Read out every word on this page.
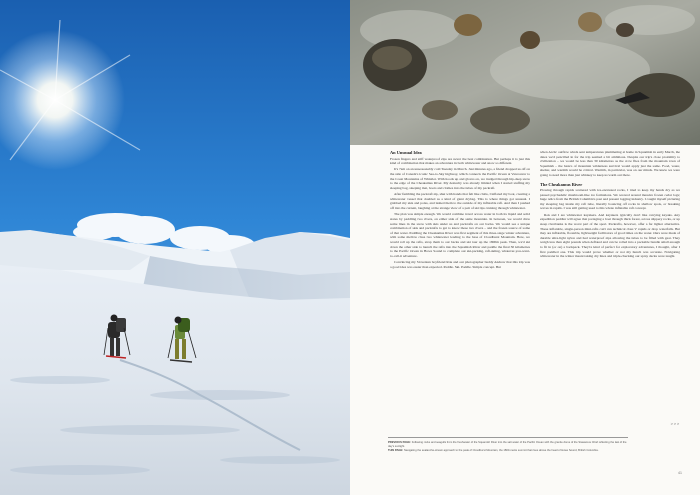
An Unusual Idea

Frozen fingers and stiff waterproof zips are never the best combination. But perhaps it is just this kind of combination that makes an adventure in both whitewater and snow so different.

It's 7am on an unseasonably cold Tuesday in March. Just minutes ago, a friend dropped us off on the side of Canada's iconic Sea-to-Sky highway, which connects the Pacific Ocean at Vancouver to the Coast Mountains of Whistler. With hoods up and gloves on, we trudged through hip-deep snow to the edge of the Cheakamus River. My dexterity was already limited when I started stuffing my sleeping bag, sleeping mat, boots and clothes into the tubes of my packraft.

After fumbling the packraft zip, shut with hands that felt like clubs, I inflated my boat, creating a whitewater vessel that doubled as a kind of giant drybag. This is where things got unusual. I grabbed my skis and poles, and lashed them to the outside of my inflatable raft. And then I pushed off into the current, laughing at the strange view of a pair of ski tips cruising through whitewater.

The plan was simple enough. We would combine travel across water in both its liquid and solid states by paddling two rivers, on either side of the same mountain. In between, we would draw some lines in the snow with skis under us and packrafts on our backs. We would see a unique combination of skis and packrafts to get to know these two rivers – and the frozen source of some of that water. Paddling the Cheakamus River was first segment of this three-stage winter adventure, with some mellow class two whitewater leading to the base of Cloudburst Mountain. Here, we would roll up the rafts, strap them to our backs and ski tour up the 1800m peak. Then, we'd ski down the other side to launch the rafts into the Squamish River and paddle the final 30 kilometres to the Pacific Ocean in Howe Sound to complete our ski-packing, raft-skiing, whatever-you-want-to-call-it adventure.

Convincing my Slovenian boyfriend Rok and our photographer buddy Andrew that this trip was a good idea was easier than expected. Paddle. Ski. Paddle. Simple concept. But

when Arctic outflow winds sent temperatures plummeting at home in Squamish in early March, the dates we'd pencilled in for the trip seemed a bit ambitious. Despite our trip's close proximity to civilization – we would be less than 30 kilometres as the crow flies from the mountain town of Squamish – the basics of mountain wilderness survival would apply just the same. Food, water, shelter, and warmth would be critical. Warmth, in particular, was on our minds. We knew we were going to need more than just whiskey to keep us warm out there.

The Cheakamus River

Plowing through rapids scattered with ice-encrusted rocks, I tried to keep my hands dry as we passed psychedelic mushroom-like ice formations. We weaved around massive frozen cedar logs; huge relics from the British Columbia's past and present logging industry. I caught myself picturing my sleeping bag inside my raft tube, literally bouncing off rocks in shallow spots, or breaking waves in rapids. I was still getting used to this whole inflatable raft concept.

Rok and I are whitewater kayakers. And kayakers typically don't like carrying kayaks. Any expedition paddler will agree that portaging a boat through thick forest, across slippery rocks, or up steep riverbanks is the worst part of the sport. Packrafts, however, offer a far lighter alternative. These inflatable, single-person mini-rafts can't run technical class V rapids or drop waterfalls. But they are inflatable, floatable, lightweight facilitators of good times on the water. Ours were made of durable ultra-light nylon and had waterproof zips allowing the tubes to be filled with gear. They weigh less than eight pounds when deflated and can be rolled into a packable bundle small enough to fit in (or on) a backpack. They're kind of perfect for exploratory adventures, I thought, after I first paddled one. This trip would prove whether or not my hunch was accurate. Navigating whitewater in the winter meant taking dry lines and triple-checking our spray decks were taught.

>>>
PREVIOUS PAGE: Following rocks and seagulls from the freshwater of the Squamish River into the salt water of the Pacific Ocean with the granite dome of the Stawamus Chief reflecting the last of the day's sunlight.
THIS PAGE: Navigating the avalanche-strewn approach to the peak of Cloudburst Mountain, the 1800-metre summit that rises above the head of Howe Sound, British Columbia.
41
